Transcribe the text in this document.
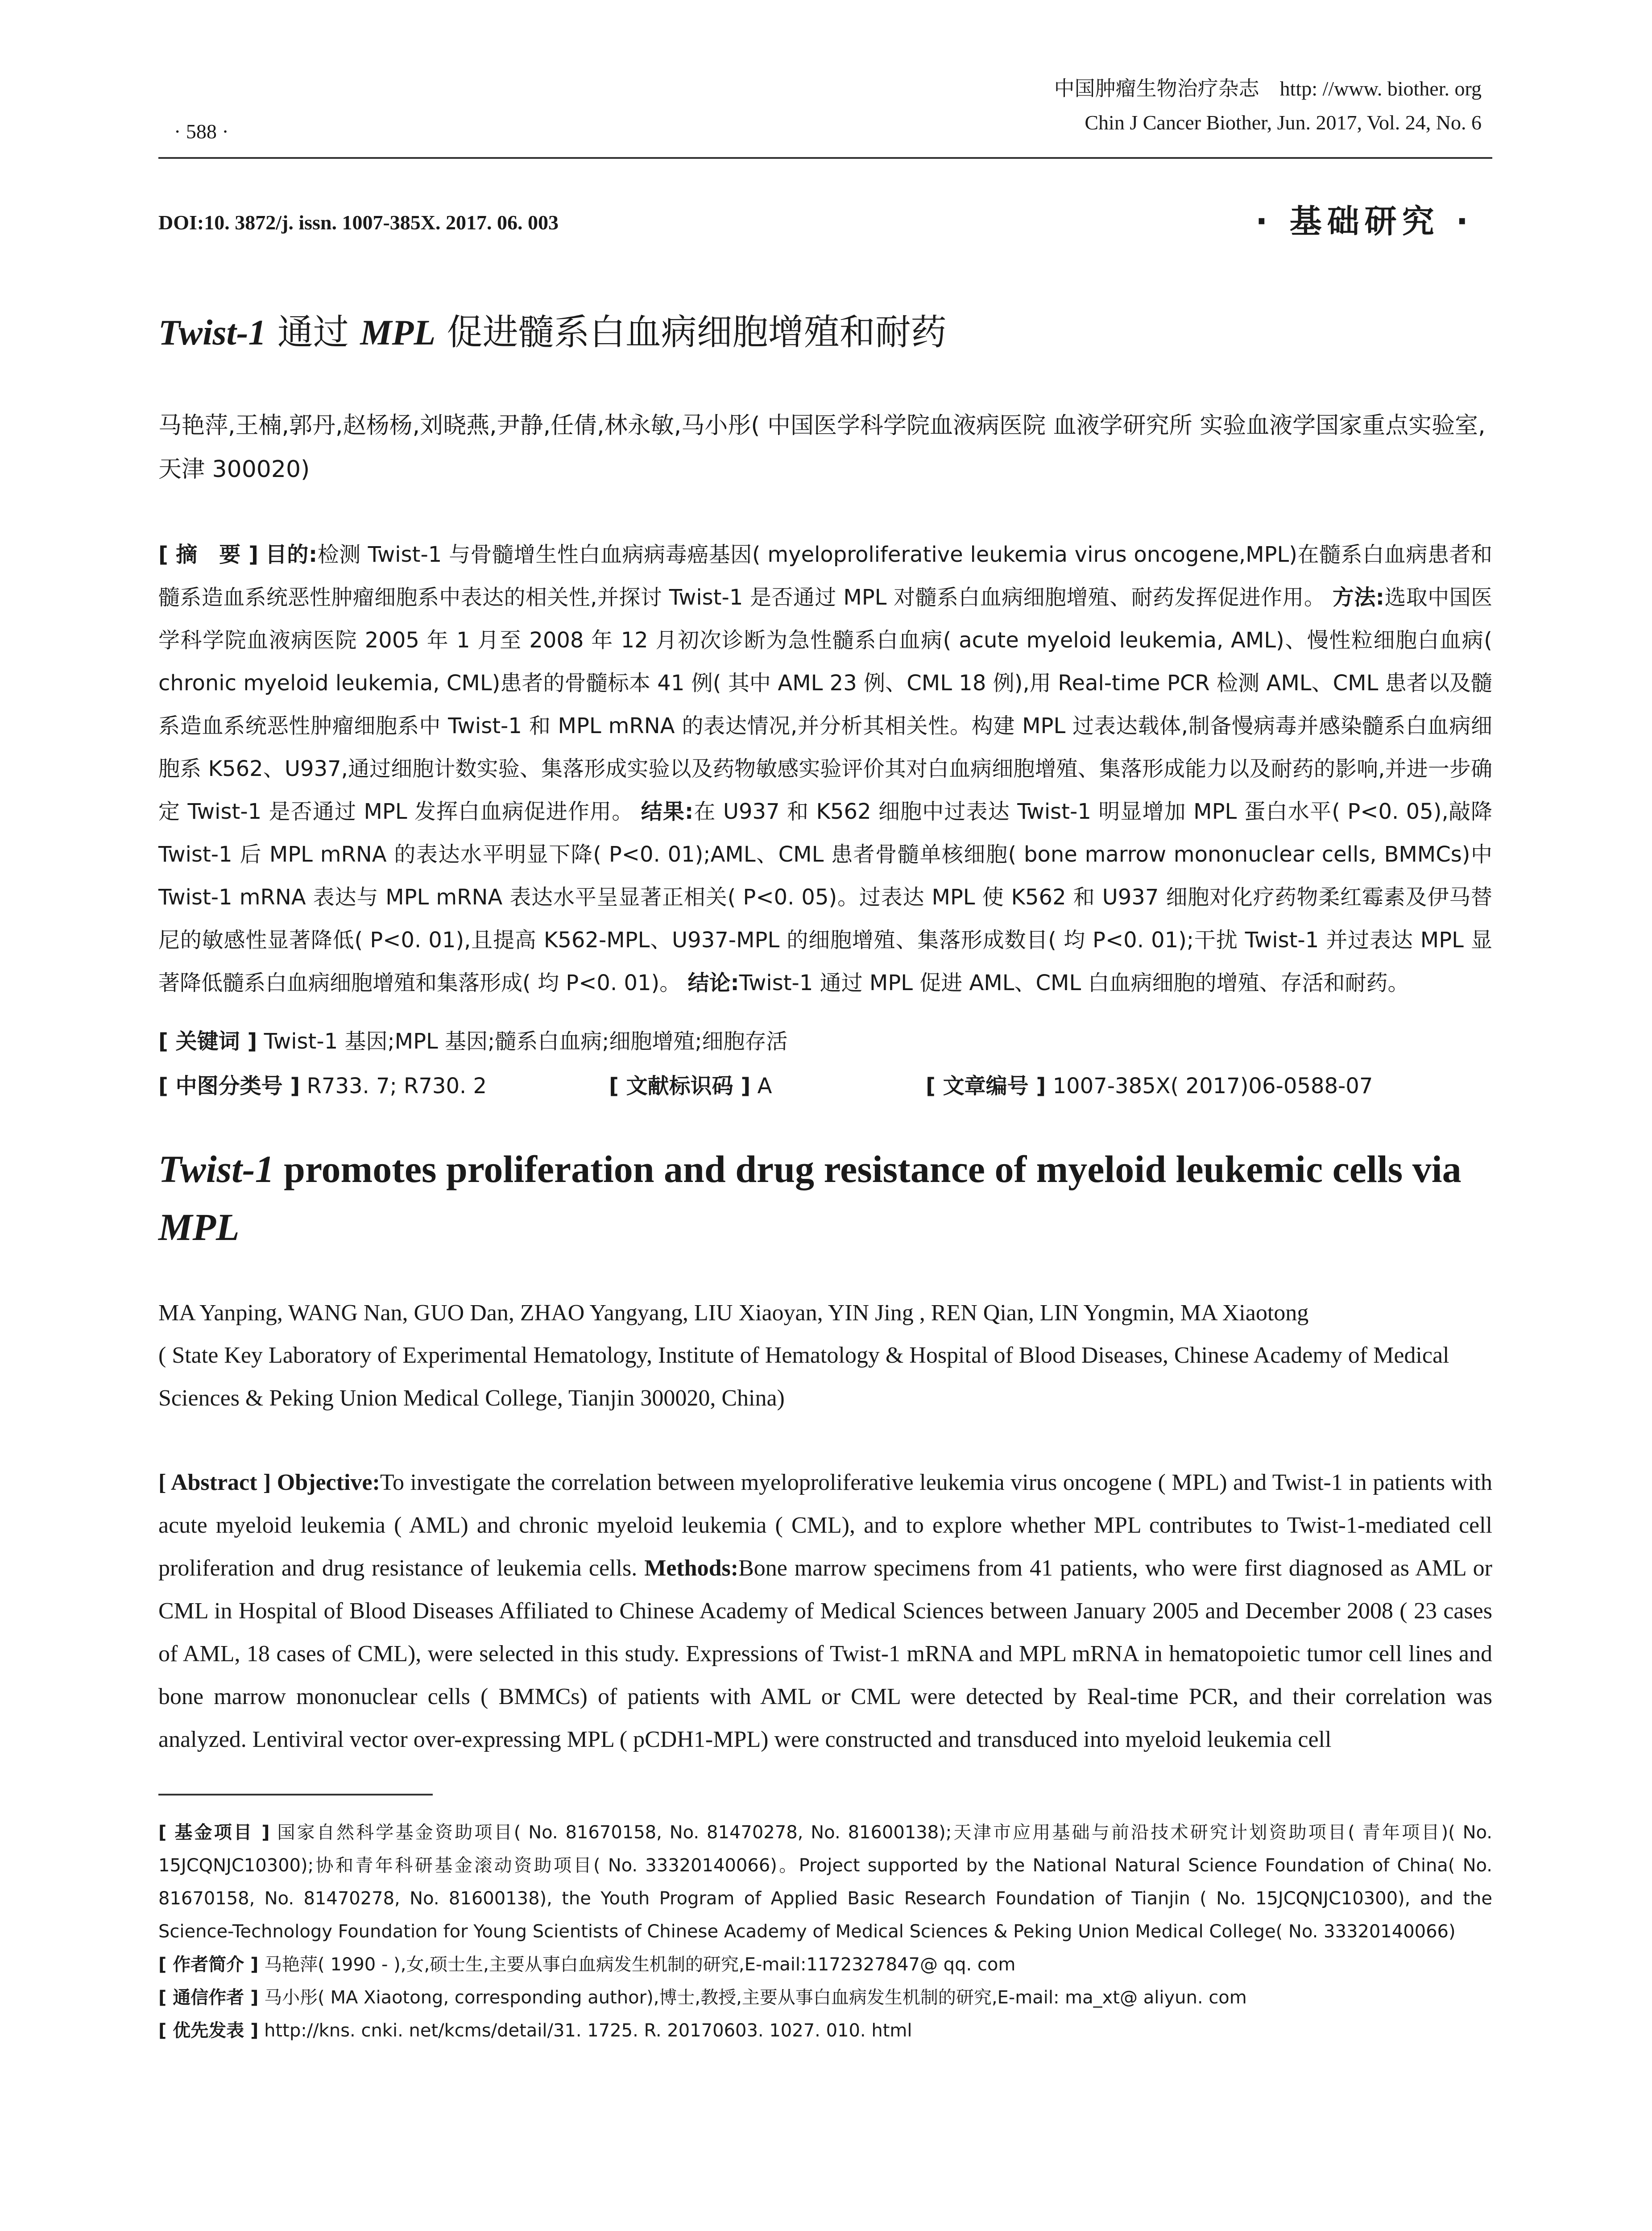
· 588 ·
中国肿瘤生物治疗杂志　http: //www. biother. org
Chin J Cancer Biother, Jun. 2017, Vol. 24, No. 6
DOI:10. 3872/j. issn. 1007-385X. 2017. 06. 003	· 基础研究 ·
Twist-1 通过 MPL 促进髓系白血病细胞增殖和耐药
马艳萍,王楠,郭丹,赵杨杨,刘晓燕,尹静,任倩,林永敏,马小彤( 中国医学科学院血液病医院 血液学研究所 实验血液学国家重点实验室,天津 300020)
[ 摘　要 ] 目的:检测 Twist-1 与骨髓增生性白血病病毒癌基因( myeloproliferative leukemia virus oncogene,MPL)在髓系白血病患者和髓系造血系统恶性肿瘤细胞系中表达的相关性,并探讨 Twist-1 是否通过 MPL 对髓系白血病细胞增殖、耐药发挥促进作用。 方法:选取中国医学科学院血液病医院 2005 年 1 月至 2008 年 12 月初次诊断为急性髓系白血病( acute myeloid leukemia, AML)、慢性粒细胞白血病( chronic myeloid leukemia, CML)患者的骨髓标本 41 例( 其中 AML 23 例、CML 18 例),用 Real-time PCR 检测 AML、CML 患者以及髓系造血系统恶性肿瘤细胞系中 Twist-1 和 MPL mRNA 的表达情况,并分析其相关性。构建 MPL 过表达载体,制备慢病毒并感染髓系白血病细胞系 K562、U937,通过细胞计数实验、集落形成实验以及药物敏感实验评价其对白血病细胞增殖、集落形成能力以及耐药的影响,并进一步确定 Twist-1 是否通过 MPL 发挥白血病促进作用。 结果:在 U937 和 K562 细胞中过表达 Twist-1 明显增加 MPL 蛋白水平( P<0. 05),敲降 Twist-1 后 MPL mRNA 的表达水平明显下降( P<0. 01);AML、CML 患者骨髓单核细胞( bone marrow mononuclear cells, BMMCs)中 Twist-1 mRNA 表达与 MPL mRNA 表达水平呈显著正相关( P<0. 05)。过表达 MPL 使 K562 和 U937 细胞对化疗药物柔红霉素及伊马替尼的敏感性显著降低( P<0. 01),且提高 K562-MPL、U937-MPL 的细胞增殖、集落形成数目( 均 P<0. 01);干扰 Twist-1 并过表达 MPL 显著降低髓系白血病细胞增殖和集落形成( 均 P<0. 01)。 结论:Twist-1 通过 MPL 促进 AML、CML 白血病细胞的增殖、存活和耐药。
[ 关键词 ] Twist-1 基因;MPL 基因;髓系白血病;细胞增殖;细胞存活
[ 中图分类号 ] R733. 7; R730. 2	[ 文献标识码 ] A	[ 文章编号 ] 1007-385X( 2017)06-0588-07
Twist-1 promotes proliferation and drug resistance of myeloid leukemic cells via MPL
MA Yanping, WANG Nan, GUO Dan, ZHAO Yangyang, LIU Xiaoyan, YIN Jing , REN Qian, LIN Yongmin, MA Xiaotong
( State Key Laboratory of Experimental Hematology, Institute of Hematology & Hospital of Blood Diseases, Chinese Academy of Medical Sciences & Peking Union Medical College, Tianjin 300020, China)
[ Abstract ] Objective:To investigate the correlation between myeloproliferative leukemia virus oncogene ( MPL) and Twist-1 in patients with acute myeloid leukemia ( AML) and chronic myeloid leukemia ( CML), and to explore whether MPL contributes to Twist-1-mediated cell proliferation and drug resistance of leukemia cells. Methods:Bone marrow specimens from 41 patients, who were first diagnosed as AML or CML in Hospital of Blood Diseases Affiliated to Chinese Academy of Medical Sciences between January 2005 and December 2008 ( 23 cases of AML, 18 cases of CML), were selected in this study. Expressions of Twist-1 mRNA and MPL mRNA in hematopoietic tumor cell lines and bone marrow mononuclear cells ( BMMCs) of patients with AML or CML were detected by Real-time PCR, and their correlation was analyzed. Lentiviral vector over-expressing MPL ( pCDH1-MPL) were constructed and transduced into myeloid leukemia cell

[ 基金项目 ] 国家自然科学基金资助项目( No. 81670158, No. 81470278, No. 81600138);天津市应用基础与前沿技术研究计划资助项目( 青年项目)( No. 15JCQNJC10300);协和青年科研基金滚动资助项目( No. 33320140066)。Project supported by the National Natural Science Foundation of China( No. 81670158, No. 81470278, No. 81600138), the Youth Program of Applied Basic Research Foundation of Tianjin ( No. 15JCQNJC10300), and the Science-Technology Foundation for Young Scientists of Chinese Academy of Medical Sciences & Peking Union Medical College( No. 33320140066)

[ 作者简介 ] 马艳萍( 1990 - ),女,硕士生,主要从事白血病发生机制的研究,E-mail:1172327847@ qq. com

[ 通信作者 ] 马小彤( MA Xiaotong, corresponding author),博士,教授,主要从事白血病发生机制的研究,E-mail: ma_xt@ aliyun. com

[ 优先发表 ] http://kns. cnki. net/kcms/detail/31. 1725. R. 20170603. 1027. 010. html
